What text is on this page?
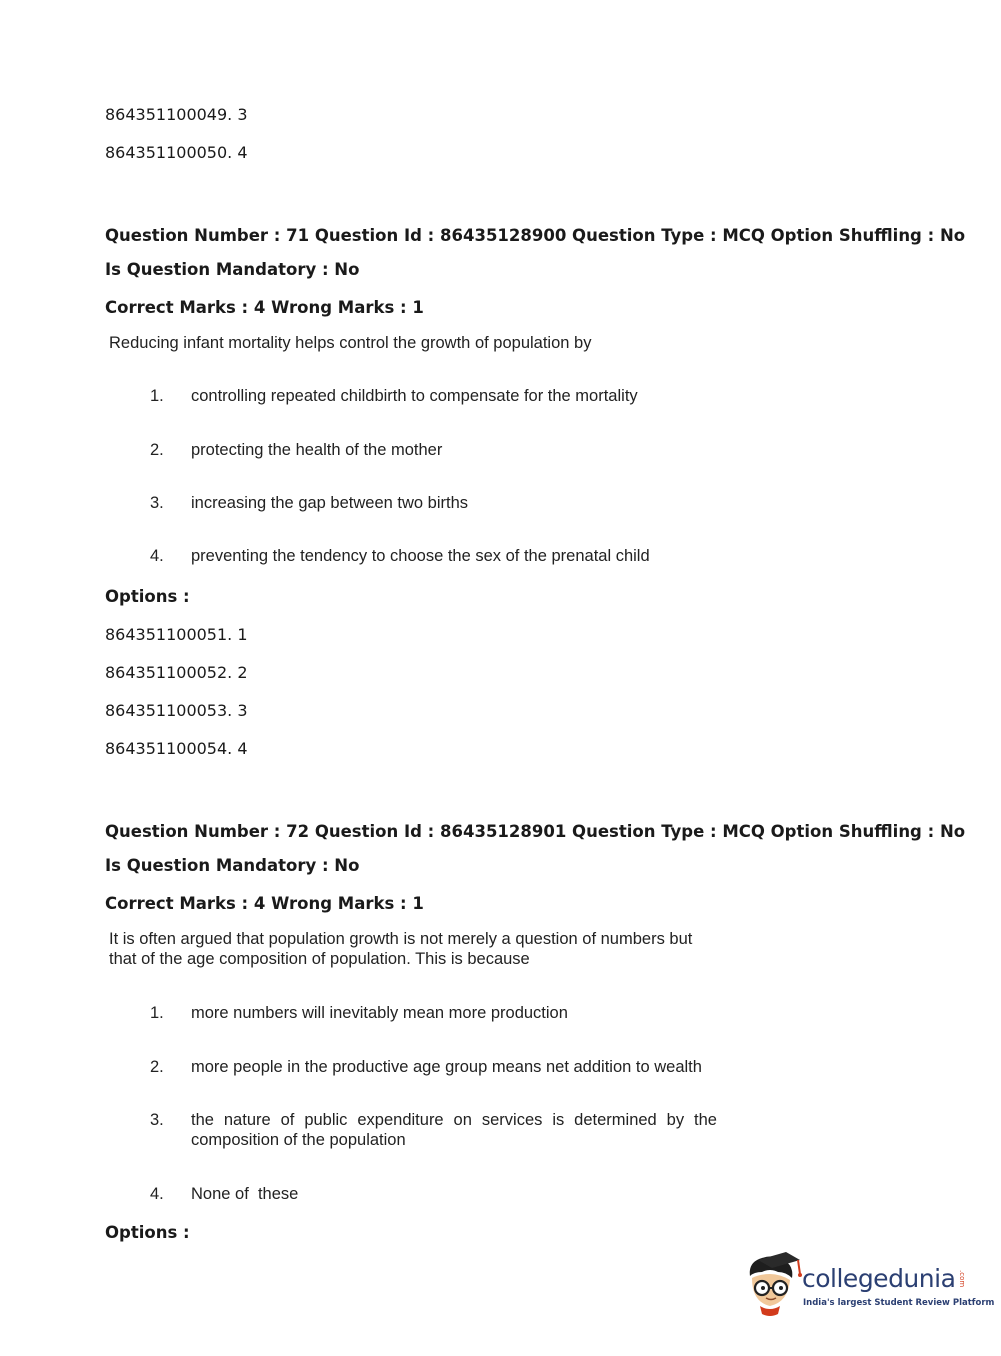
864351100049. 3
864351100050. 4
Question Number : 71 Question Id : 86435128900 Question Type : MCQ Option Shuffling : No
Is Question Mandatory : No
Correct Marks : 4 Wrong Marks : 1
Reducing infant mortality helps control the growth of population by
1. controlling repeated childbirth to compensate for the mortality
2. protecting the health of the mother
3. increasing the gap between two births
4. preventing the tendency to choose the sex of the prenatal child
Options :
864351100051. 1
864351100052. 2
864351100053. 3
864351100054. 4
Question Number : 72 Question Id : 86435128901 Question Type : MCQ Option Shuffling : No
Is Question Mandatory : No
Correct Marks : 4 Wrong Marks : 1
It is often argued that population growth is not merely a question of numbers but
that of the age composition of population. This is because
1. more numbers will inevitably mean more production
2. more people in the productive age group means net addition to wealth
3. the nature of public expenditure on services is determined by the composition of the population
4. None of  these
Options :
collegedunia .com
India's largest Student Review Platform
